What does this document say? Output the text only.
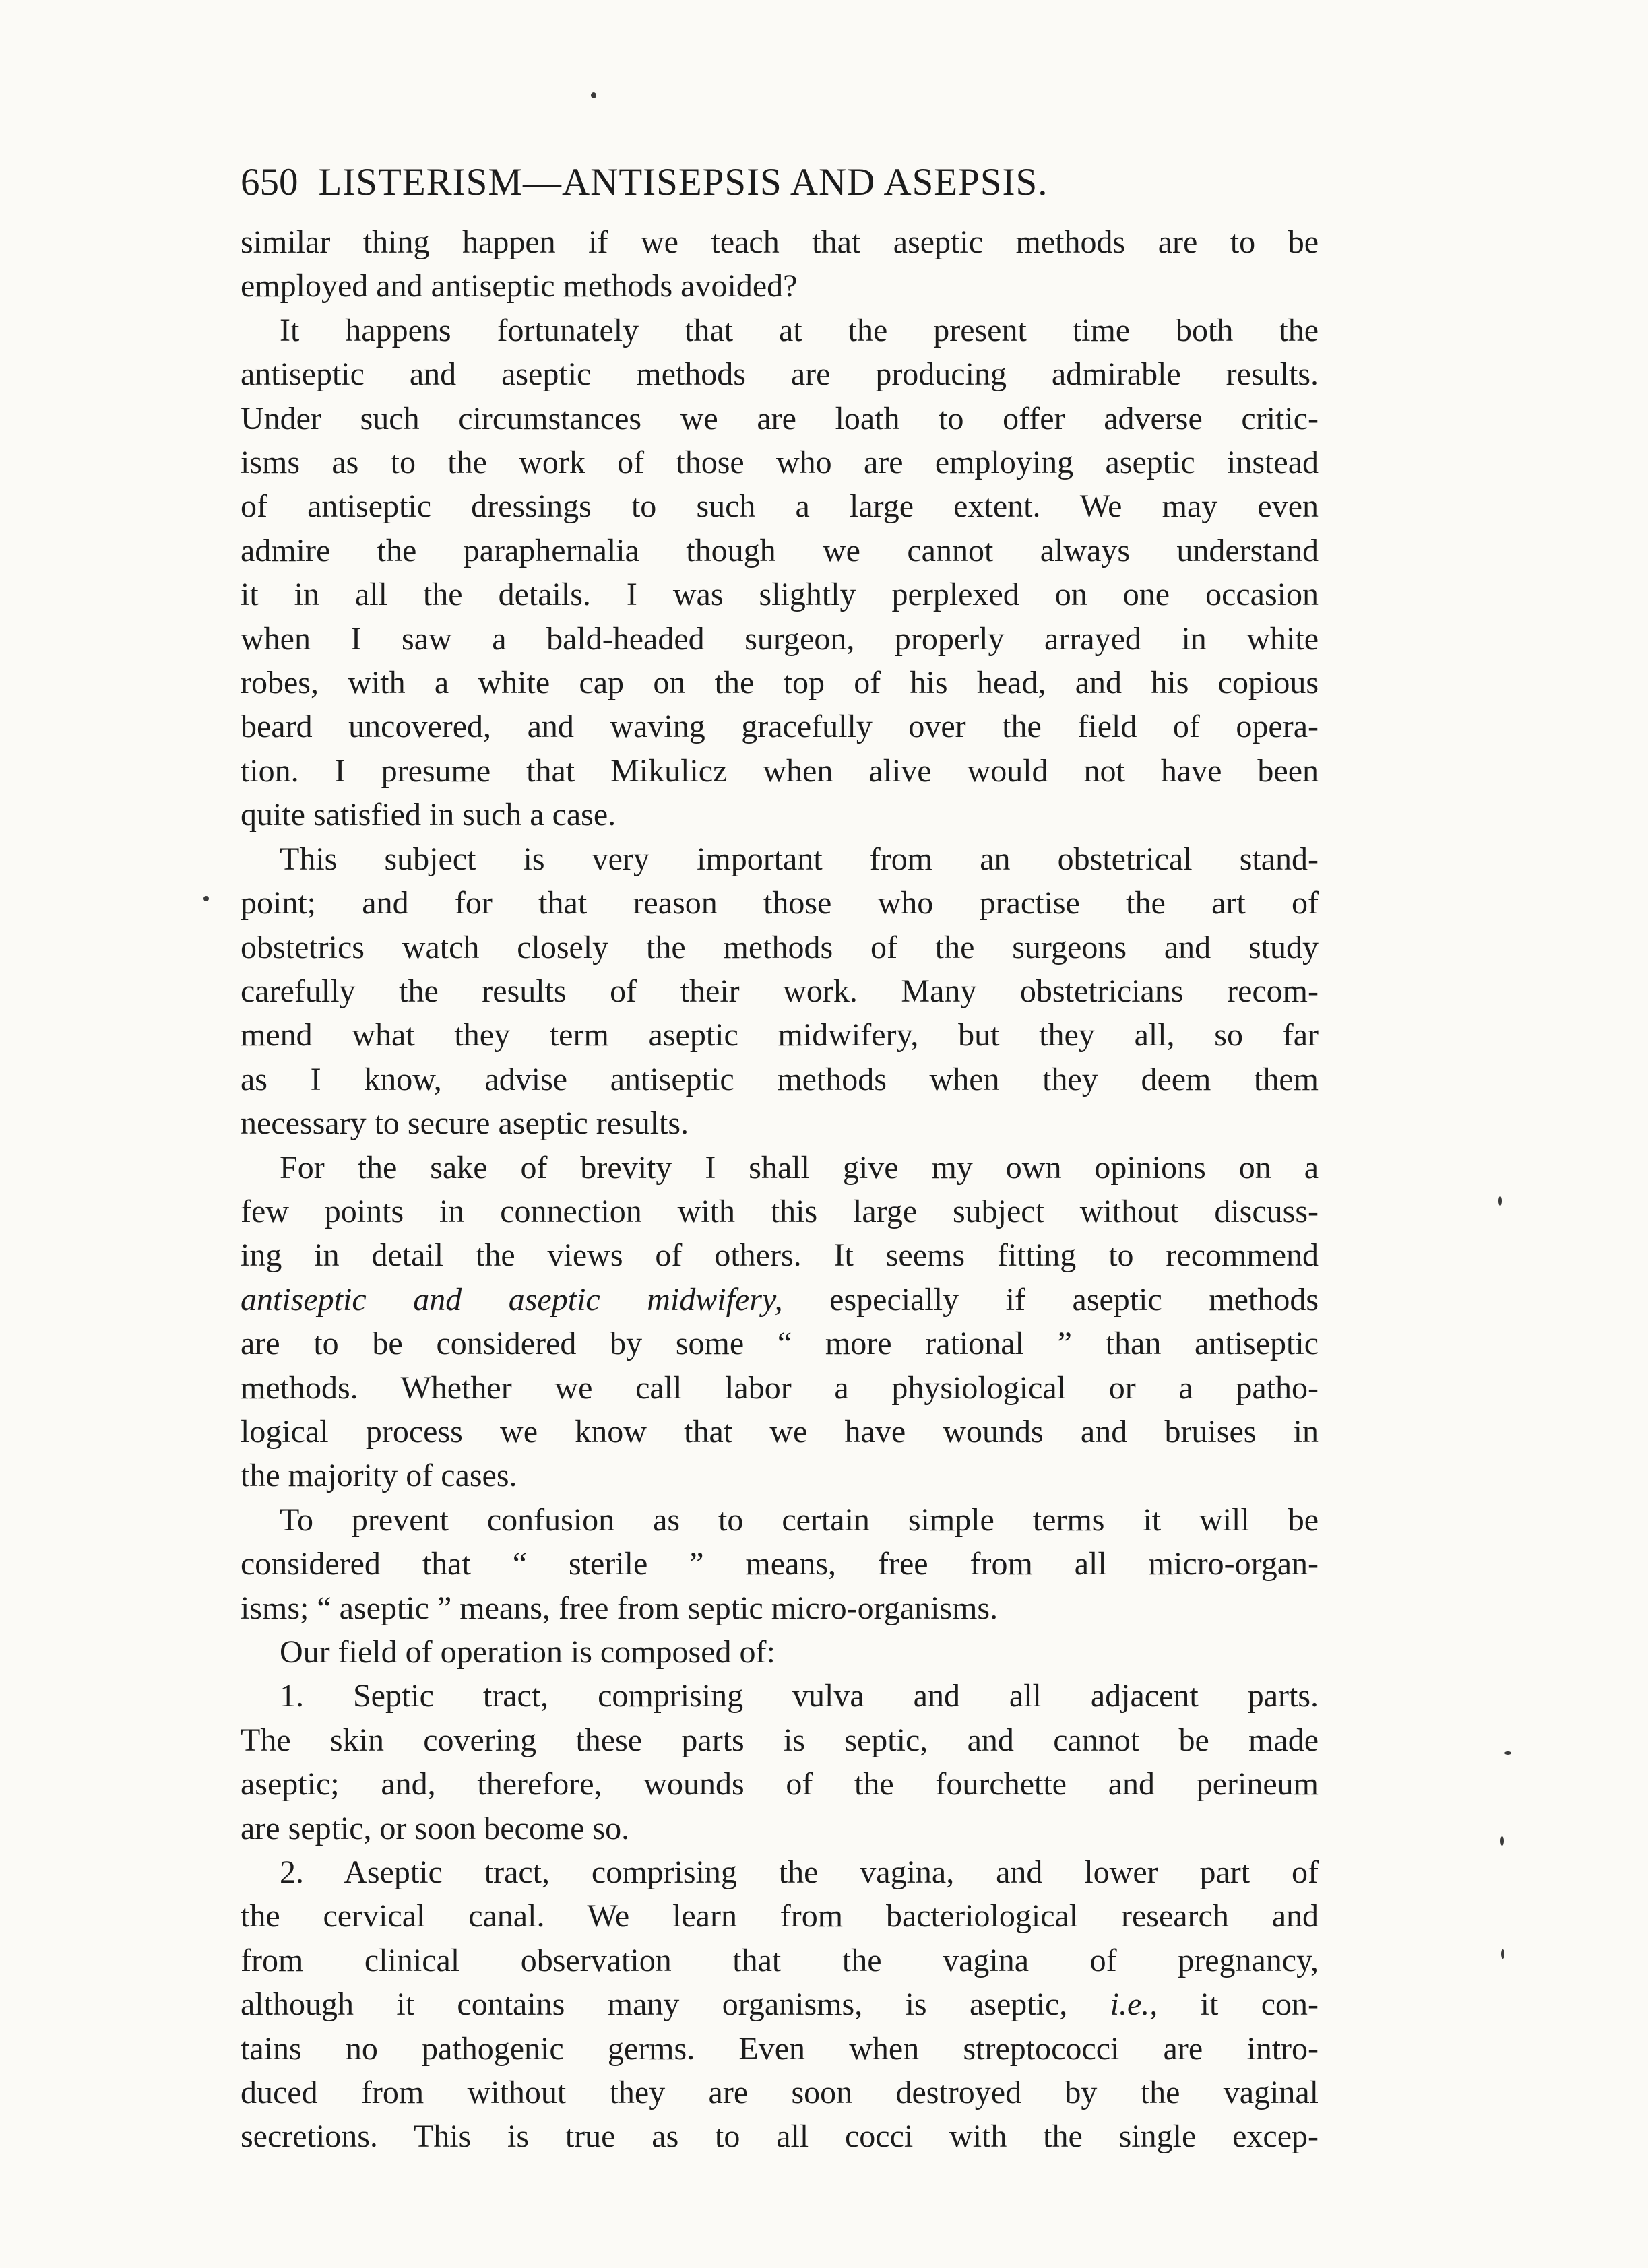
650 LISTERISM—ANTISEPSIS AND ASEPSIS.

similar thing happen if we teach that aseptic methods are to be
employed and antiseptic methods avoided?

It happens fortunately that at the present time both the
antiseptic and aseptic methods are producing admirable results.
Under such circumstances we are loath to offer adverse critic-
isms as to the work of those who are employing aseptic instead
of antiseptic dressings to such a large extent. We may even
admire the paraphernalia though we cannot always understand
it in all the details. I was slightly perplexed on one occasion
when I saw a bald-headed surgeon, properly arrayed in white
robes, with a white cap on the top of his head, and his copious
beard uncovered, and waving gracefully over the field of opera-
tion. I presume that Mikulicz when alive would not have been
quite satisfied in such a case.

This subject is very important from an obstetrical stand-
point; and for that reason those who practise the art of
obstetrics watch closely the methods of the surgeons and study
carefully the results of their work. Many obstetricians recom-
mend what they term aseptic midwifery, but they all, so far
as I know, advise antiseptic methods when they deem them
necessary to secure aseptic results.

For the sake of brevity I shall give my own opinions on a
few points in connection with this large subject without discuss-
ing in detail the views of others. It seems fitting to recommend
antiseptic and aseptic midwifery, especially if aseptic methods
are to be considered by some “ more rational ” than antiseptic
methods. Whether we call labor a physiological or a patho-
logical process we know that we have wounds and bruises in
the majority of cases.

To prevent confusion as to certain simple terms it will be
considered that “ sterile ” means, free from all micro-organ-
isms; “ aseptic ” means, free from septic micro-organisms.

Our field of operation is composed of:

1. Septic tract, comprising vulva and all adjacent parts.
The skin covering these parts is septic, and cannot be made
aseptic; and, therefore, wounds of the fourchette and perineum
are septic, or soon become so.

2. Aseptic tract, comprising the vagina, and lower part of
the cervical canal. We learn from bacteriological research and
from clinical observation that the vagina of pregnancy,
although it contains many organisms, is aseptic, i.e., it con-
tains no pathogenic germs. Even when streptococci are intro-
duced from without they are soon destroyed by the vaginal
secretions. This is true as to all cocci with the single excep-
